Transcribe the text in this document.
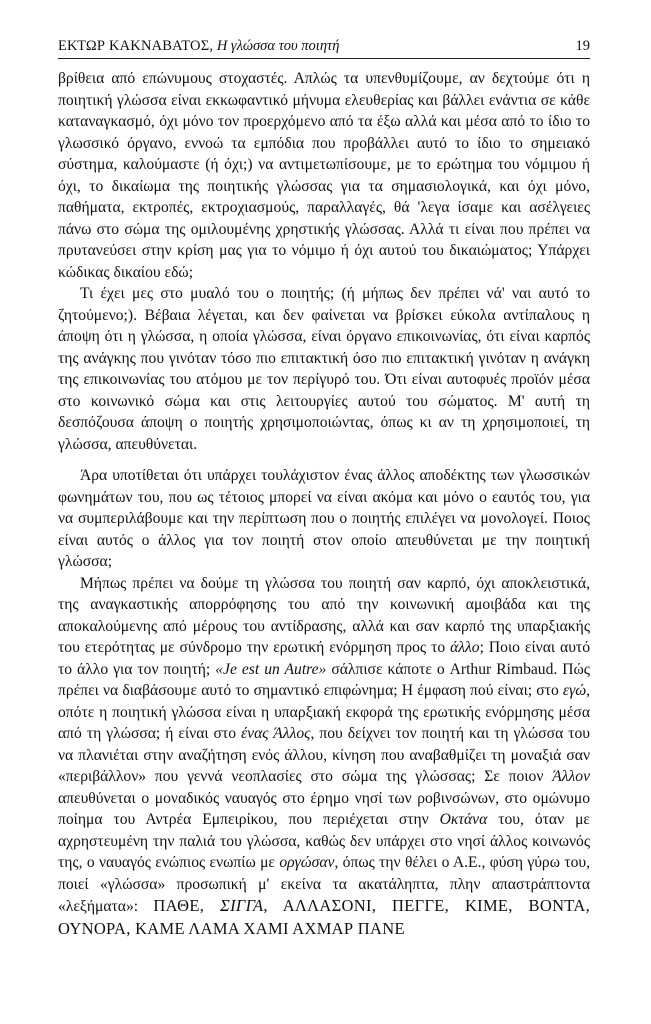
ΕΚΤΩΡ ΚΑΚΝΑΒΑΤΟΣ, Η γλώσσα του ποιητή	19

βρίθεια από επώνυμους στοχαστές. Απλώς τα υπενθυμίζουμε, αν δεχτούμε ότι η ποιητική γλώσσα είναι εκκωφαντικό μήνυμα ελευθερίας και βάλλει ενάντια σε κάθε καταναγκασμό, όχι μόνο τον προερχόμενο από τα έξω αλλά και μέσα από το ίδιο το γλωσσικό όργανο, εννοώ τα εμπόδια που προβάλλει αυτό το ίδιο το σημειακό σύστημα, καλούμαστε (ή όχι;) να αντιμετωπίσουμε, με το ερώτημα του νόμιμου ή όχι, το δικαίωμα της ποιητικής γλώσσας για τα σημασιολογικά, και όχι μόνο, παθήματα, εκτροπές, εκτροχιασμούς, παραλλαγές, θά 'λεγα ίσαμε και ασέλγειες πάνω στο σώμα της ομιλουμένης χρηστικής γλώσσας. Αλλά τι είναι που πρέπει να πρυτανεύσει στην κρίση μας για το νόμιμο ή όχι αυτού του δικαιώματος; Υπάρχει κώδικας δικαίου εδώ;

Τι έχει μες στο μυαλό του ο ποιητής; (ή μήπως δεν πρέπει νά' ναι αυτό το ζητούμενο;). Βέβαια λέγεται, και δεν φαίνεται να βρίσκει εύκολα αντίπαλους η άποψη ότι η γλώσσα, η οποία γλώσσα, είναι όργανο επικοινωνίας, ότι είναι καρπός της ανάγκης που γινόταν τόσο πιο επιτακτική όσο πιο επιτακτική γινόταν η ανάγκη της επικοινωνίας του ατόμου με τον περίγυρό του. Ότι είναι αυτοφυές προϊόν μέσα στο κοινωνικό σώμα και στις λειτουργίες αυτού του σώματος. Μ' αυτή τη δεσπόζουσα άποψη ο ποιητής χρησιμοποιώντας, όπως κι αν τη χρησιμοποιεί, τη γλώσσα, απευθύνεται.

Άρα υποτίθεται ότι υπάρχει τουλάχιστον ένας άλλος αποδέκτης των γλωσσικών φωνημάτων του, που ως τέτοιος μπορεί να είναι ακόμα και μόνο ο εαυτός του, για να συμπεριλάβουμε και την περίπτωση που ο ποιητής επιλέγει να μονολογεί. Ποιος είναι αυτός ο άλλος για τον ποιητή στον οποίο απευθύνεται με την ποιητική γλώσσα;

Μήπως πρέπει να δούμε τη γλώσσα του ποιητή σαν καρπό, όχι αποκλειστικά, της αναγκαστικής απορρόφησης του από την κοινωνική αμοιβάδα και της αποκαλούμενης από μέρους του αντίδρασης, αλλά και σαν καρπό της υπαρξιακής του ετερότητας με σύνδρομο την ερωτική ενόρμηση προς το άλλο; Ποιο είναι αυτό το άλλο για τον ποιητή; «Je est un Autre» σάλπισε κάποτε ο Arthur Rimbaud. Πώς πρέπει να διαβάσουμε αυτό το σημαντικό επιφώνημα; Η έμφαση πού είναι; στο εγώ, οπότε η ποιητική γλώσσα είναι η υπαρξιακή εκφορά της ερωτικής ενόρμησης μέσα από τη γλώσσα; ή είναι στο ένας Άλλος, που δείχνει τον ποιητή και τη γλώσσα του να πλανιέται στην αναζήτηση ενός άλλου, κίνηση που αναβαθμίζει τη μοναξιά σαν «περιβάλλον» που γεννά νεοπλασίες στο σώμα της γλώσσας; Σε ποιον Άλλον απευθύνεται ο μοναδικός ναυαγός στο έρημο νησί των ροβινσώνων, στο ομώνυμο ποίημα του Αντρέα Εμπειρίκου, που περιέχεται στην Οκτάνα του, όταν με αχρηστευμένη την παλιά του γλώσσα, καθώς δεν υπάρχει στο νησί άλλος κοινωνός της, ο ναυαγός ενώπιος ενωπίω με οργώσαν, όπως την θέλει ο Α.Ε., φύση γύρω του, ποιεί «γλώσσα» προσωπική μ' εκείνα τα ακατάληπτα, πλην απαστράπτοντα «λεξήματα»: ΠΑΘΕ, ΣΙΓΓΑ, ΑΛΛΑΣΟΝΙ, ΠΕΓΓΕ, ΚΙΜΕ, ΒΟΝΤΑ, ΟΥΝΟΡΑ, ΚΑΜΕ ΛΑΜΑ ΧΑΜΙ ΑΧΜΑΡ ΠΑΝΕ
